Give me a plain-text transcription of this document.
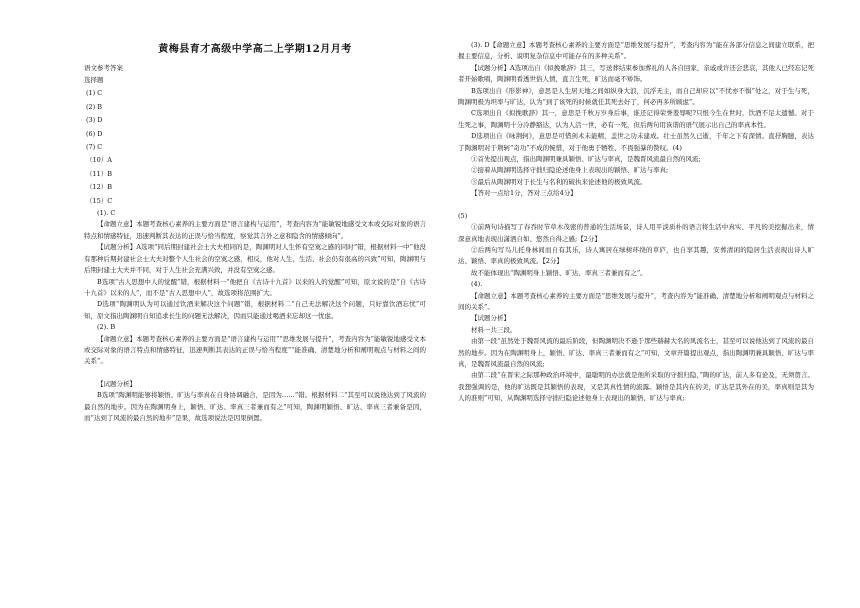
黄梅县育才高级中学高二上学期12月月考
语文参考答案
选择题
(1) C
(2) B
(3) D
(6) D
(7) C
（10）A
（11）B
（12）B
（15）C

(1). C

【命题立意】本题考查核心素养的主要方面是“语言建构与运用”，考查内容为“能敏锐地感受文本或交际对象的语言特点和情感特征，迅速判断其表达的正误与恰当程度，察觉其言外之意和隐含的情感倾向”。

【试题分析】A选项“同后期封建社会士大夫相同的是，陶渊明对人生怀有空寞之感的同时”错，根据材料一中“他没有那种后期封建社会士大夫对整个人生社会的空寞之感，相反，他对人生、生活、社会仍有很高的兴致”可知，陶渊明与后期封建士大夫并不同，对于人生社会充满兴致，并没有空寞之感。

B选项“古人思想中人的觉醒”错，根据材料一“他把自《古诗十九首》以来的人的觉醒”可知，原文说的是“自《古诗十九首》以来的人”，而不是“古人思想中人”，故选项将范围扩大。

D选项“陶渊明认为可以通过饮酒来解决这个问题”错，根据材料二“自己无法解决这个问题，只好靠饮酒忘忧”可知，原文指出陶渊明自知追求长生的问题无法解决，因而只能通过喝酒来忘却这一忧虑。

(2). B

【命题立意】本题考查核心素养的主要方面是“语言建构与运用”“思维发展与提升”，考查内容为“能敏锐地感受文本或交际对象的语言特点和情感特征，迅速判断其表达的正误与恰当程度”“能准确、清楚地分析和阐明观点与材料之间的关系”。

【试题分析】

B选项“陶渊明能够将颖悟、旷达与率真在自身协调融合，是因为……”错。根据材料二“其至可以说他达到了风流的最自然的地步。因为在陶渊明身上，颖悟、旷达、率真三者兼而有之”可知，陶渊明颖悟、旷达、率真三者兼备是因，而“达到了风流的最自然的地步”是果，故选项说法是因果倒置。

(3). D【命题立意】本题考查核心素养的主要方面是“思维发展与提升”，考查内容为“能在各部分信息之间建立联系，把握主要信息，分析、说明复杂信息中可能存在的多种关系”。

【试题分析】A选项出自《拟挽歌辞》其三，写送葬结束参加葬礼的人各自回家，亲戚或许还会悲哀，其他人已经忘记死者开始歌唱，陶渊明看透世俗人情，直言生死，旷达而毫不矫饰。

B选项出自《形影神》，意思是人生居天地之间如纵身大浪，沉浮无主，而自己却应以“不忧亦不惧”处之，对于生与死，陶渊明极为坦率与旷达，认为“到了该死的时候就任其死去好了，何必再多所顾虑”。

C选项出自《拟挽歌辞》其一，意思是千秋万岁身后事，谁还记得荣誉羞辱呢?只恨今生在世时，饮酒不足太遗憾。对于生死之事，陶渊明十分冷静豁达，认为人活一世，必有一死，但后两句用诙谐的语气展示出自己的率真本性。

D选项出自《咏荆轲》，意思是可惜剑术未能精，盖世之功未建成。壮士虽然久已逝，千年之下有深情。直抒胸臆，表达了陶渊明对于荆轲“奇功”不成的惋惜，对于他勇于牺牲、不畏强暴的赞叹。(4)

①首先提出观点，指出陶渊明兼具颖悟、旷达与率真，是魏晋风流最自然的风流;

②接着从陶渊明选择守拙归隐论述他身上表现出的颖悟、旷达与率真;

③最后从陶渊明对于长生与名利的破执来论述他的极致风流。

【答对一点给1分，答对三点给4分】

(5)

①前两句诗描写了春吞时节草木茂密的普通的生活场景，诗人用平淡质朴的语言将生活中真实、平凡的美挖掘出来，情深意真地表现出潇洒自如、悠然自得之感;【2分】

②后两句写鸟儿托身林间而自有其乐，诗人寓居在绿树环绕的草庐，也自享其趣，安葬清闲的隐居生活表现出诗人旷达、颖悟、率真的极致风流。【2分】

故不能体现出“陶渊明身上颖悟、旷达、率真三者兼而有之”。

(4).

【命题立意】本题考查核心素养的主要方面是“思维发展与提升”，考查内容为“能准确、清楚地分析和阐明观点与材料之间的关系”。

【试题分析】

材料一共三段。

由第一段“虽然处于魏晋风流的最后阶段，但陶渊明决不逊于那些赫赫大名的风流名士，甚至可以说他达到了风流的最自然的地步。因为在陶渊明身上，颖悟、旷达、率真三者兼而有之”可知，文章开篇提出观点，指出陶渊明兼具颖悟、旷达与率真，是魏晋风流最自然的风流;

由第二段“在晋宋之际那种政治环境中，最聪明的办法就是他所采取的守拙归隐，”陶的旷达，前人多有论及，无须赘言。我想强调的是，他的旷达既是其颖悟的表现，又是其真性情的流露。颖悟是其内在的美，旷达是其外在的美，率真则是其为人的准则”可知，从陶渊明选择守拙归隐论述他身上表现出的颖悟、旷达与率真;
